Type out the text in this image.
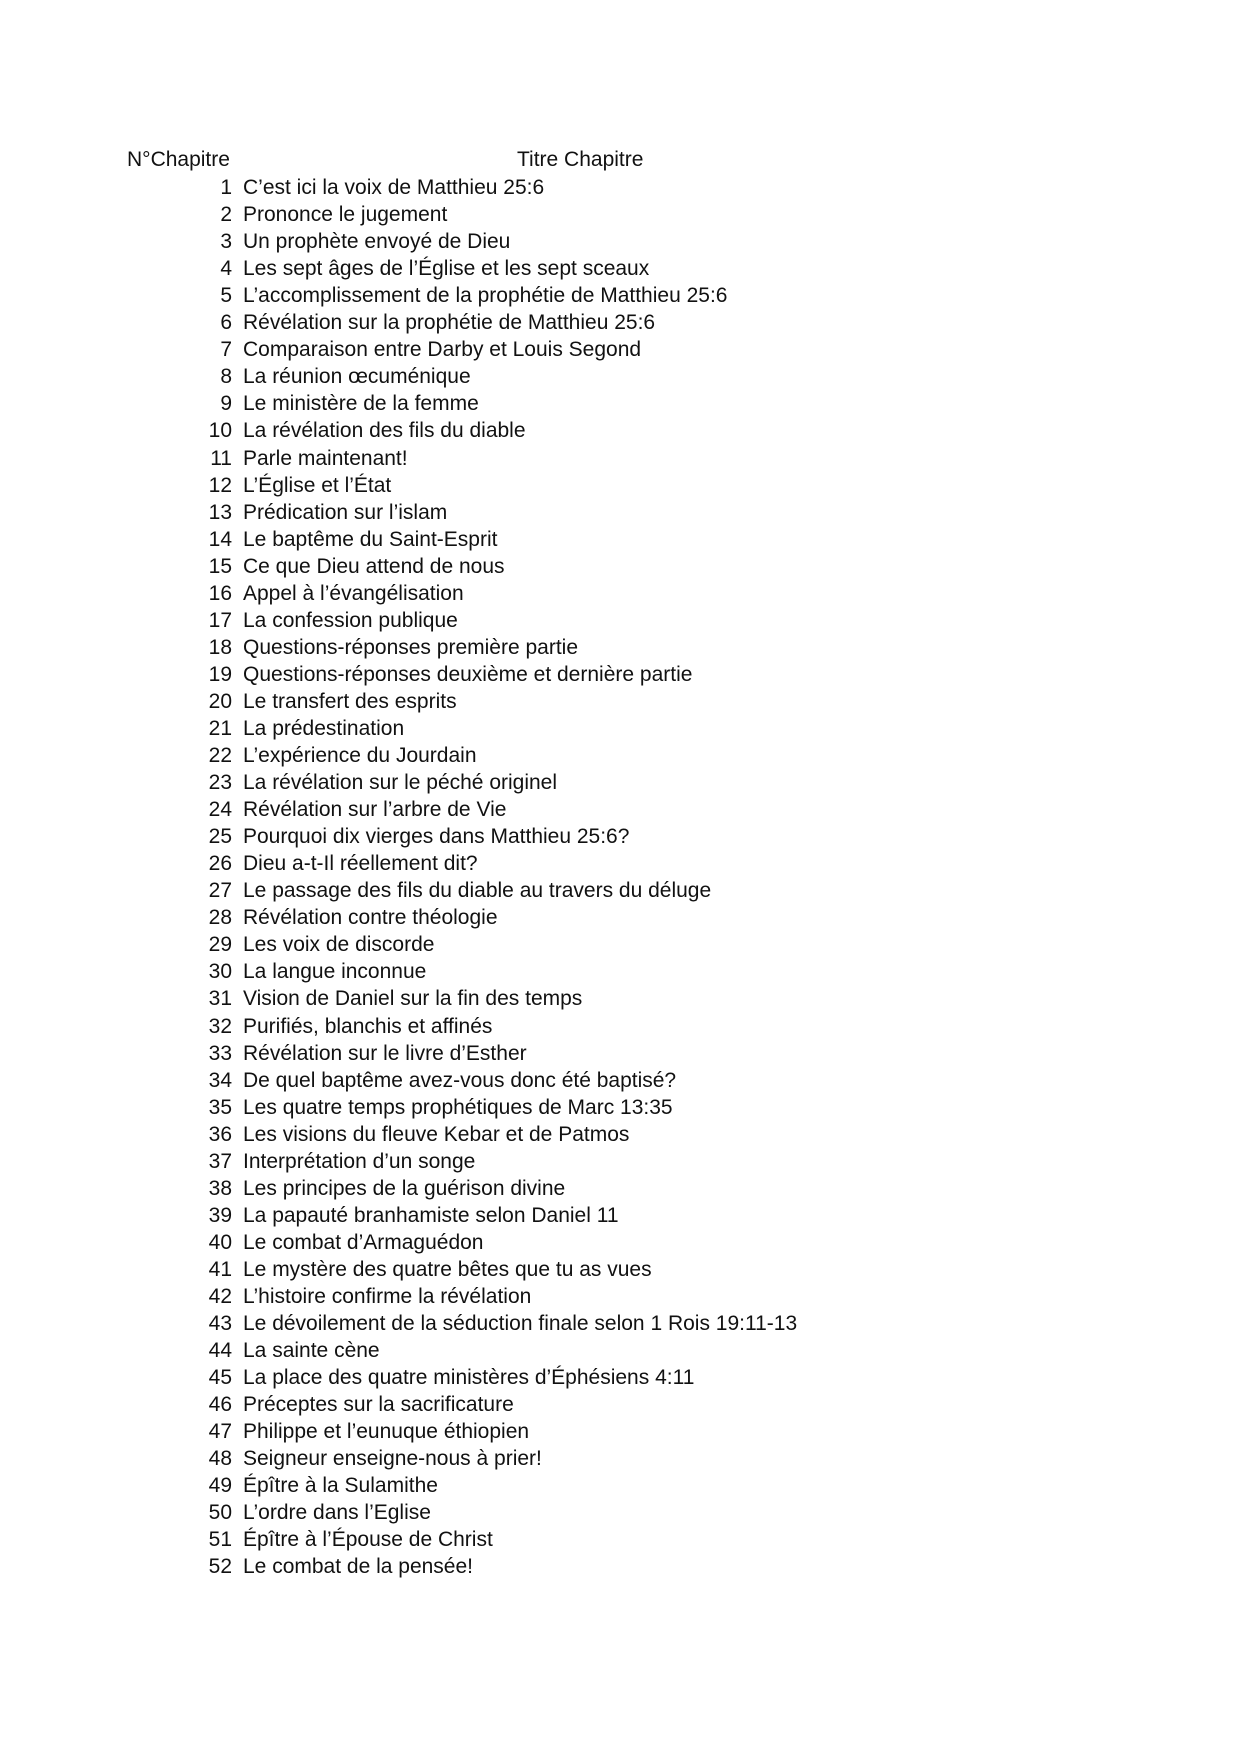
N°Chapitre	Titre Chapitre
1 C’est ici la voix de Matthieu 25:6
2 Prononce le jugement
3 Un prophète envoyé de Dieu
4 Les sept âges de l’Église et les sept sceaux
5 L’accomplissement de la prophétie de Matthieu 25:6
6 Révélation sur la prophétie de Matthieu 25:6
7 Comparaison entre Darby et Louis Segond
8 La réunion œcuménique
9 Le ministère de la femme
10 La révélation des fils du diable
11 Parle maintenant!
12 L’Église et l’État
13 Prédication sur l’islam
14 Le baptême du Saint-Esprit
15 Ce que Dieu attend de nous
16 Appel à l’évangélisation
17 La confession publique
18 Questions-réponses première partie
19 Questions-réponses deuxième et dernière partie
20 Le transfert des esprits
21 La prédestination
22 L’expérience du Jourdain
23 La révélation sur le péché originel
24 Révélation sur l’arbre de Vie
25 Pourquoi dix vierges dans Matthieu 25:6?
26 Dieu a-t-Il réellement dit?
27 Le passage des fils du diable au travers du déluge
28 Révélation contre théologie
29 Les voix de discorde
30 La langue inconnue
31 Vision de Daniel sur la fin des temps
32 Purifiés, blanchis et affinés
33 Révélation sur le livre d’Esther
34 De quel baptême avez-vous donc été baptisé?
35 Les quatre temps prophétiques de Marc 13:35
36 Les visions du fleuve Kebar et de Patmos
37 Interprétation d’un songe
38 Les principes de la guérison divine
39 La papauté branhamiste selon Daniel 11
40 Le combat d’Armaguédon
41 Le mystère des quatre bêtes que tu as vues
42 L’histoire confirme la révélation
43 Le dévoilement de la séduction finale selon 1 Rois 19:11-13
44 La sainte cène
45 La place des quatre ministères d’Éphésiens 4:11
46 Préceptes sur la sacrificature
47 Philippe et l’eunuque éthiopien
48 Seigneur enseigne-nous à prier!
49 Épître à la Sulamithe
50 L’ordre dans l’Eglise
51 Épître à l’Épouse de Christ
52 Le combat de la pensée!
